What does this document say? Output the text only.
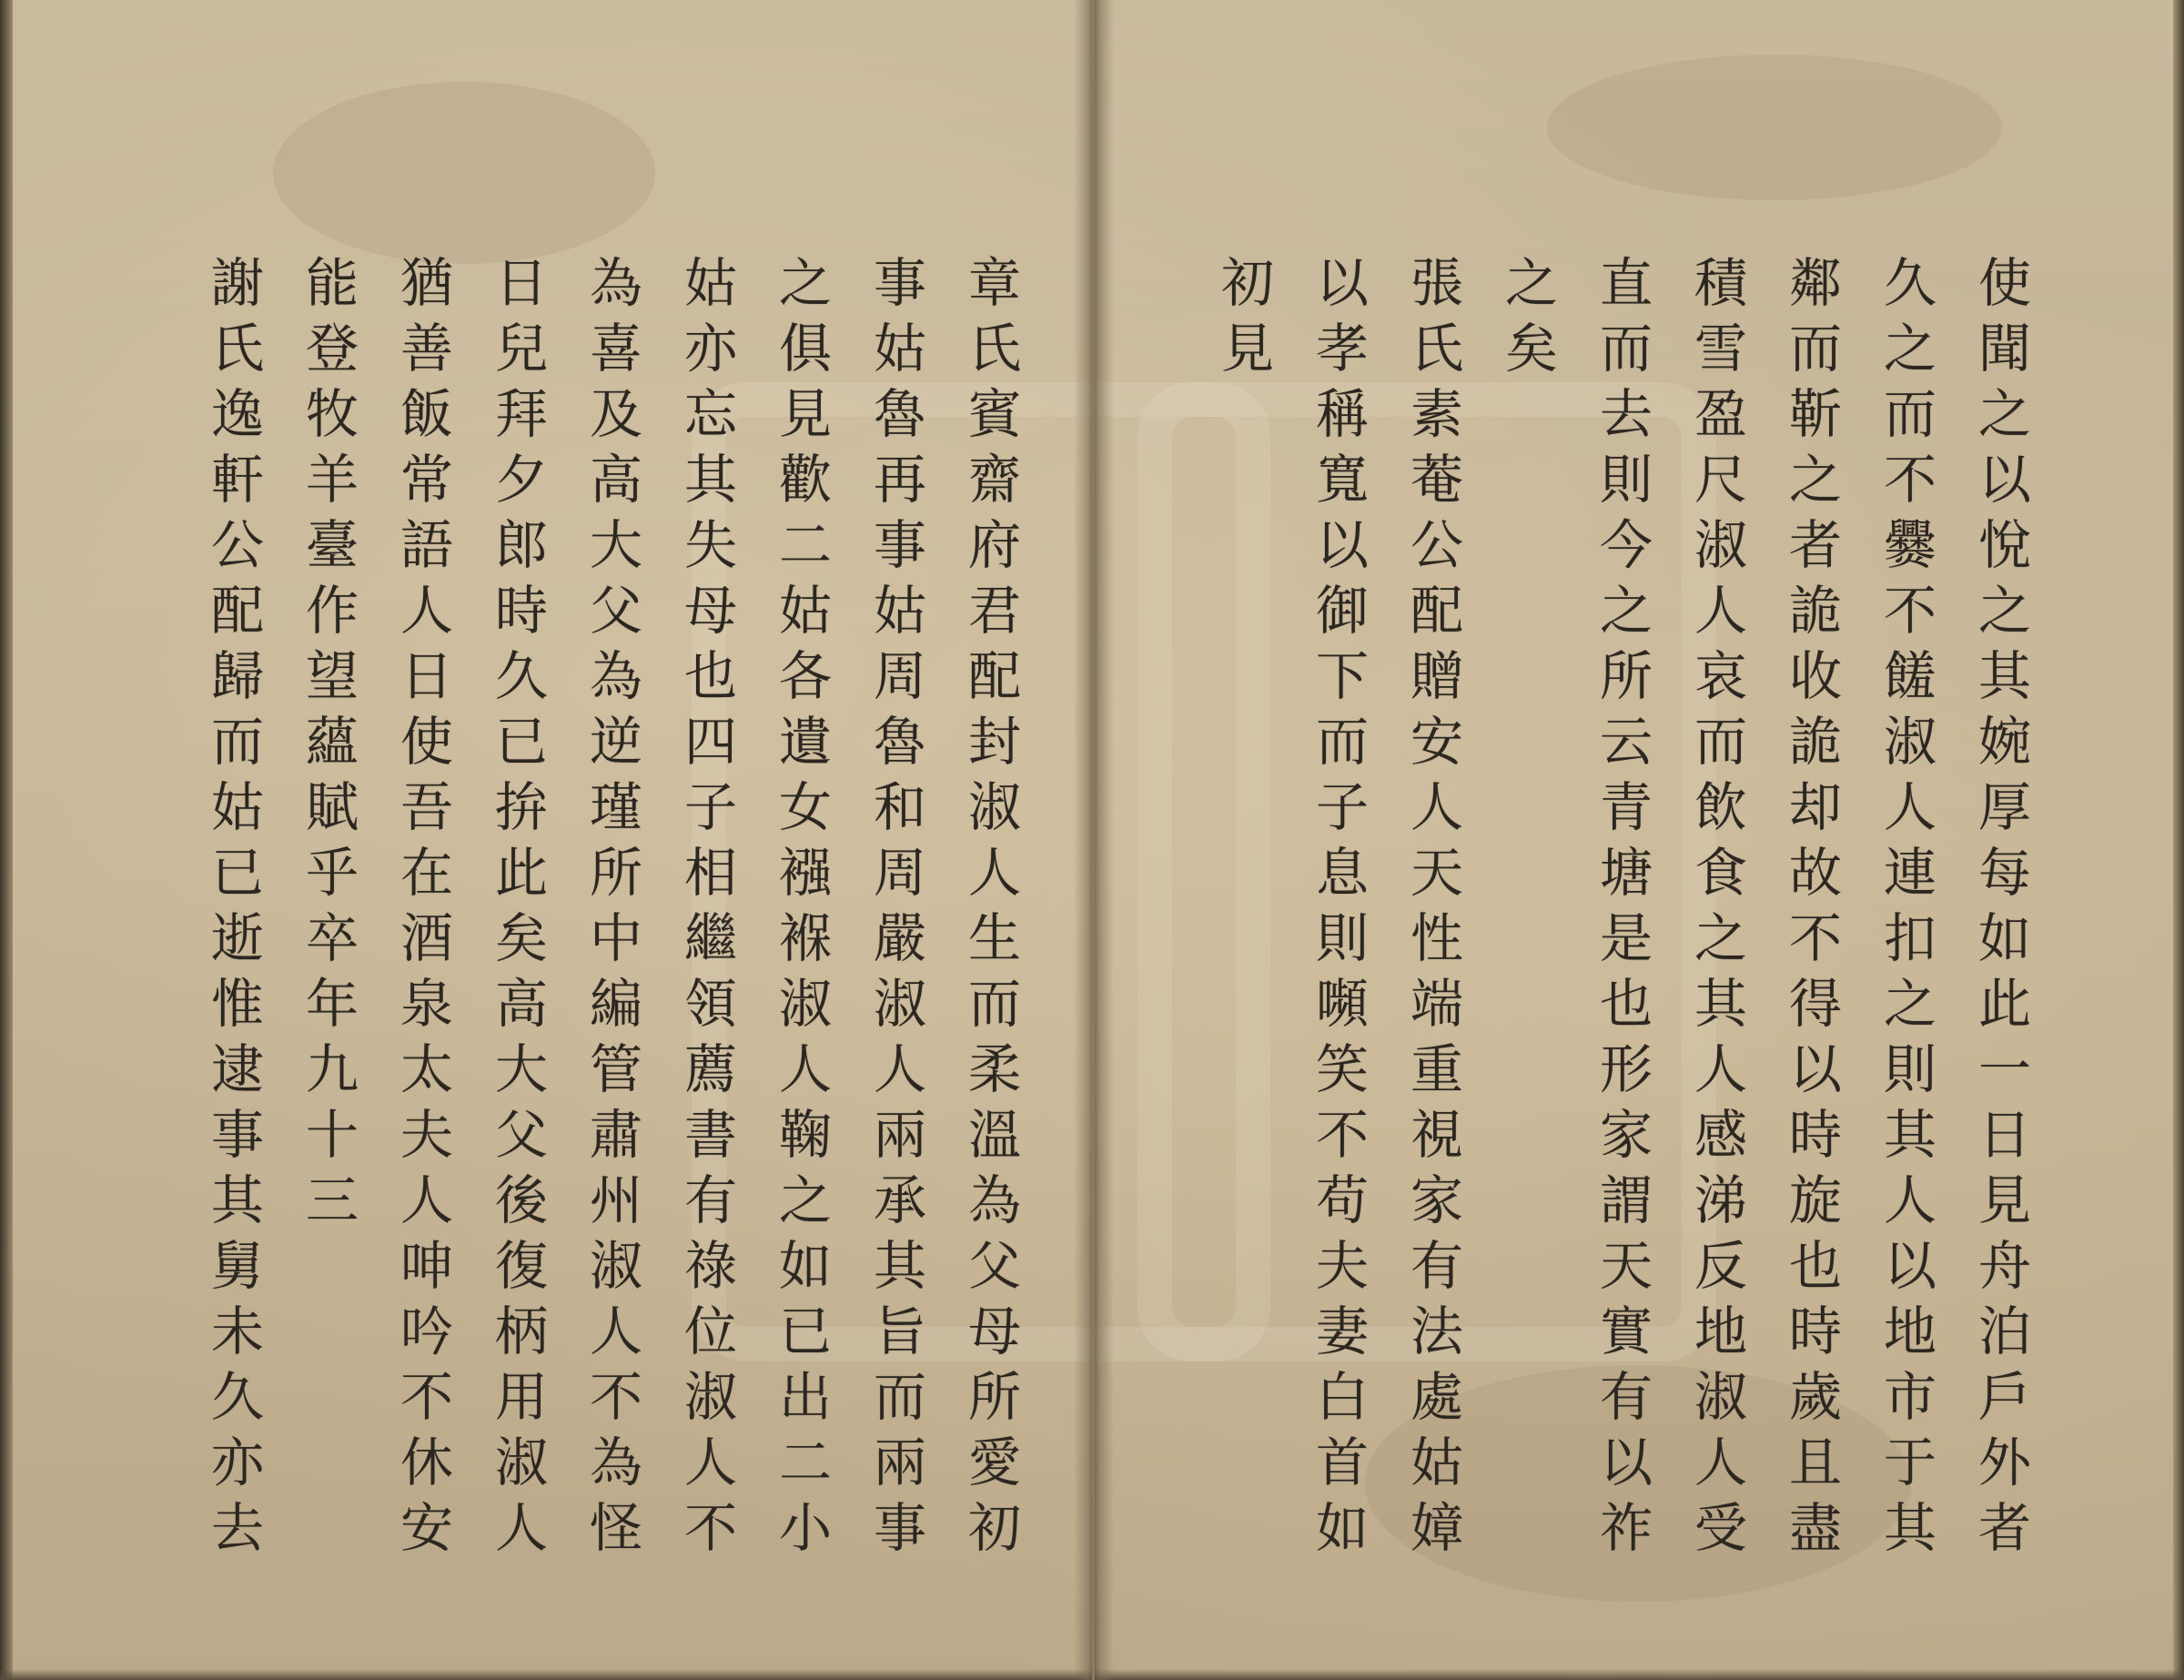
使聞之以悅之其婉厚每如此一日見舟泊戶外者
久之而不爨不饈淑人連扣之則其人以地市于其
鄰而靳之者詭收詭却故不得以時旋也時歲且盡
積雪盈尺淑人哀而飲食之其人感涕反地淑人受
直而去則今之所云青塘是也形家謂天實有以祚
之矣
張氏素菴公配贈安人天性端重視家有法處姑嫜
以孝稱寬以御下而子息則嚬笑不苟夫妻白首如
初見
章氏賓齋府君配封淑人生而柔溫為父母所愛初
事姑魯再事姑周魯和周嚴淑人兩承其旨而兩事
之俱見歡二姑各遺女襁褓淑人鞠之如已出二小
姑亦忘其失母也四子相繼領薦書有祿位淑人不
為喜及高大父為逆瑾所中編管肅州淑人不為怪
日兒拜夕郎時久已拚此矣高大父後復柄用淑人
猶善飯常語人日使吾在酒泉太夫人呻吟不休安
能登牧羊臺作望蘊賦乎卒年九十三
謝氏逸軒公配歸而姑已逝惟逮事其舅未久亦去
